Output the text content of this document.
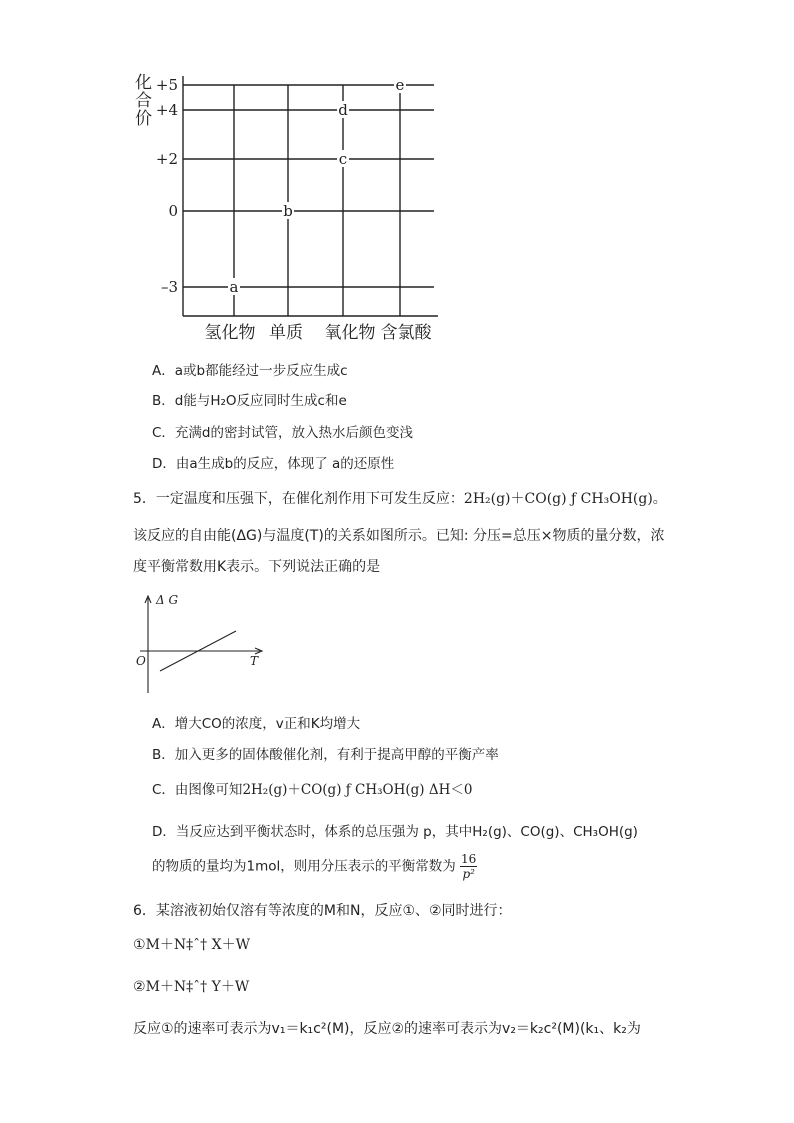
+5
+4
+2
0
–3
氢化物 单质 氧化物 含氯酸
a
b
c
d
e
化
合
价
A．a或b都能经过一步反应生成c
B．d能与H₂O反应同时生成c和e
C．充满d的密封试管，放入热水后颜色变浅
D．由a生成b的反应，体现了 a的还原性
5．一定温度和压强下，在催化剂作用下可发生反应：2H₂(g)＋CO(g) ƒ CH₃OH(g)。
该反应的自由能(ΔG)与温度(T)的关系如图所示。已知: 分压=总压×物质的量分数，浓
度平衡常数用K表示。下列说法正确的是
Δ G
T
O
A．增大CO的浓度，v正和K均增大
B．加入更多的固体酸催化剂，有利于提高甲醇的平衡产率
C．由图像可知2H₂(g)＋CO(g) ƒ CH₃OH(g) ΔH＜0
D．当反应达到平衡状态时，体系的总压强为 p，其中H₂(g)、CO(g)、CH₃OH(g)
的物质的量均为1mol，则用分压表示的平衡常数为 $\frac{16}{\text{p²}}$
6．某溶液初始仅溶有等浓度的M和N，反应①、②同时进行：
①M＋N‡ˆ† X＋W
②M＋N‡ˆ† Y＋W
反应①的速率可表示为v₁＝k₁c²(M)，反应②的速率可表示为v₂＝k₂c²(M)(k₁、k₂为
